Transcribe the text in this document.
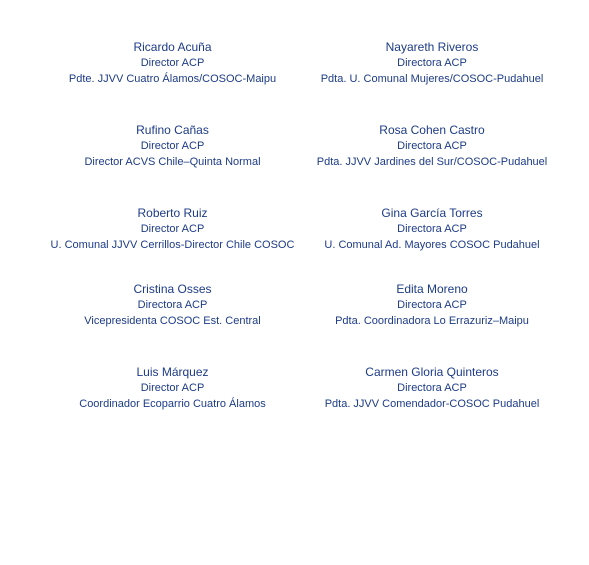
Ricardo Acuña
Director ACP
Pdte. JJVV Cuatro Álamos/COSOC-Maipu
Nayareth Riveros
Directora ACP
Pdta. U. Comunal Mujeres/COSOC-Pudahuel
Rufino Cañas
Director ACP
Director ACVS Chile–Quinta Normal
Rosa Cohen Castro
Directora ACP
Pdta. JJVV Jardines del Sur/COSOC-Pudahuel
Roberto Ruiz
Director ACP
U. Comunal JJVV Cerrillos-Director Chile COSOC
Gina García Torres
Directora ACP
U. Comunal Ad. Mayores COSOC Pudahuel
Cristina Osses
Directora ACP
Vicepresidenta COSOC Est. Central
Edita Moreno
Directora ACP
Pdta. Coordinadora Lo Errazuriz–Maipu
Luis Márquez
Director ACP
Coordinador Ecoparrio Cuatro Álamos
Carmen Gloria Quinteros
Directora ACP
Pdta. JJVV Comendador-COSOC Pudahuel
